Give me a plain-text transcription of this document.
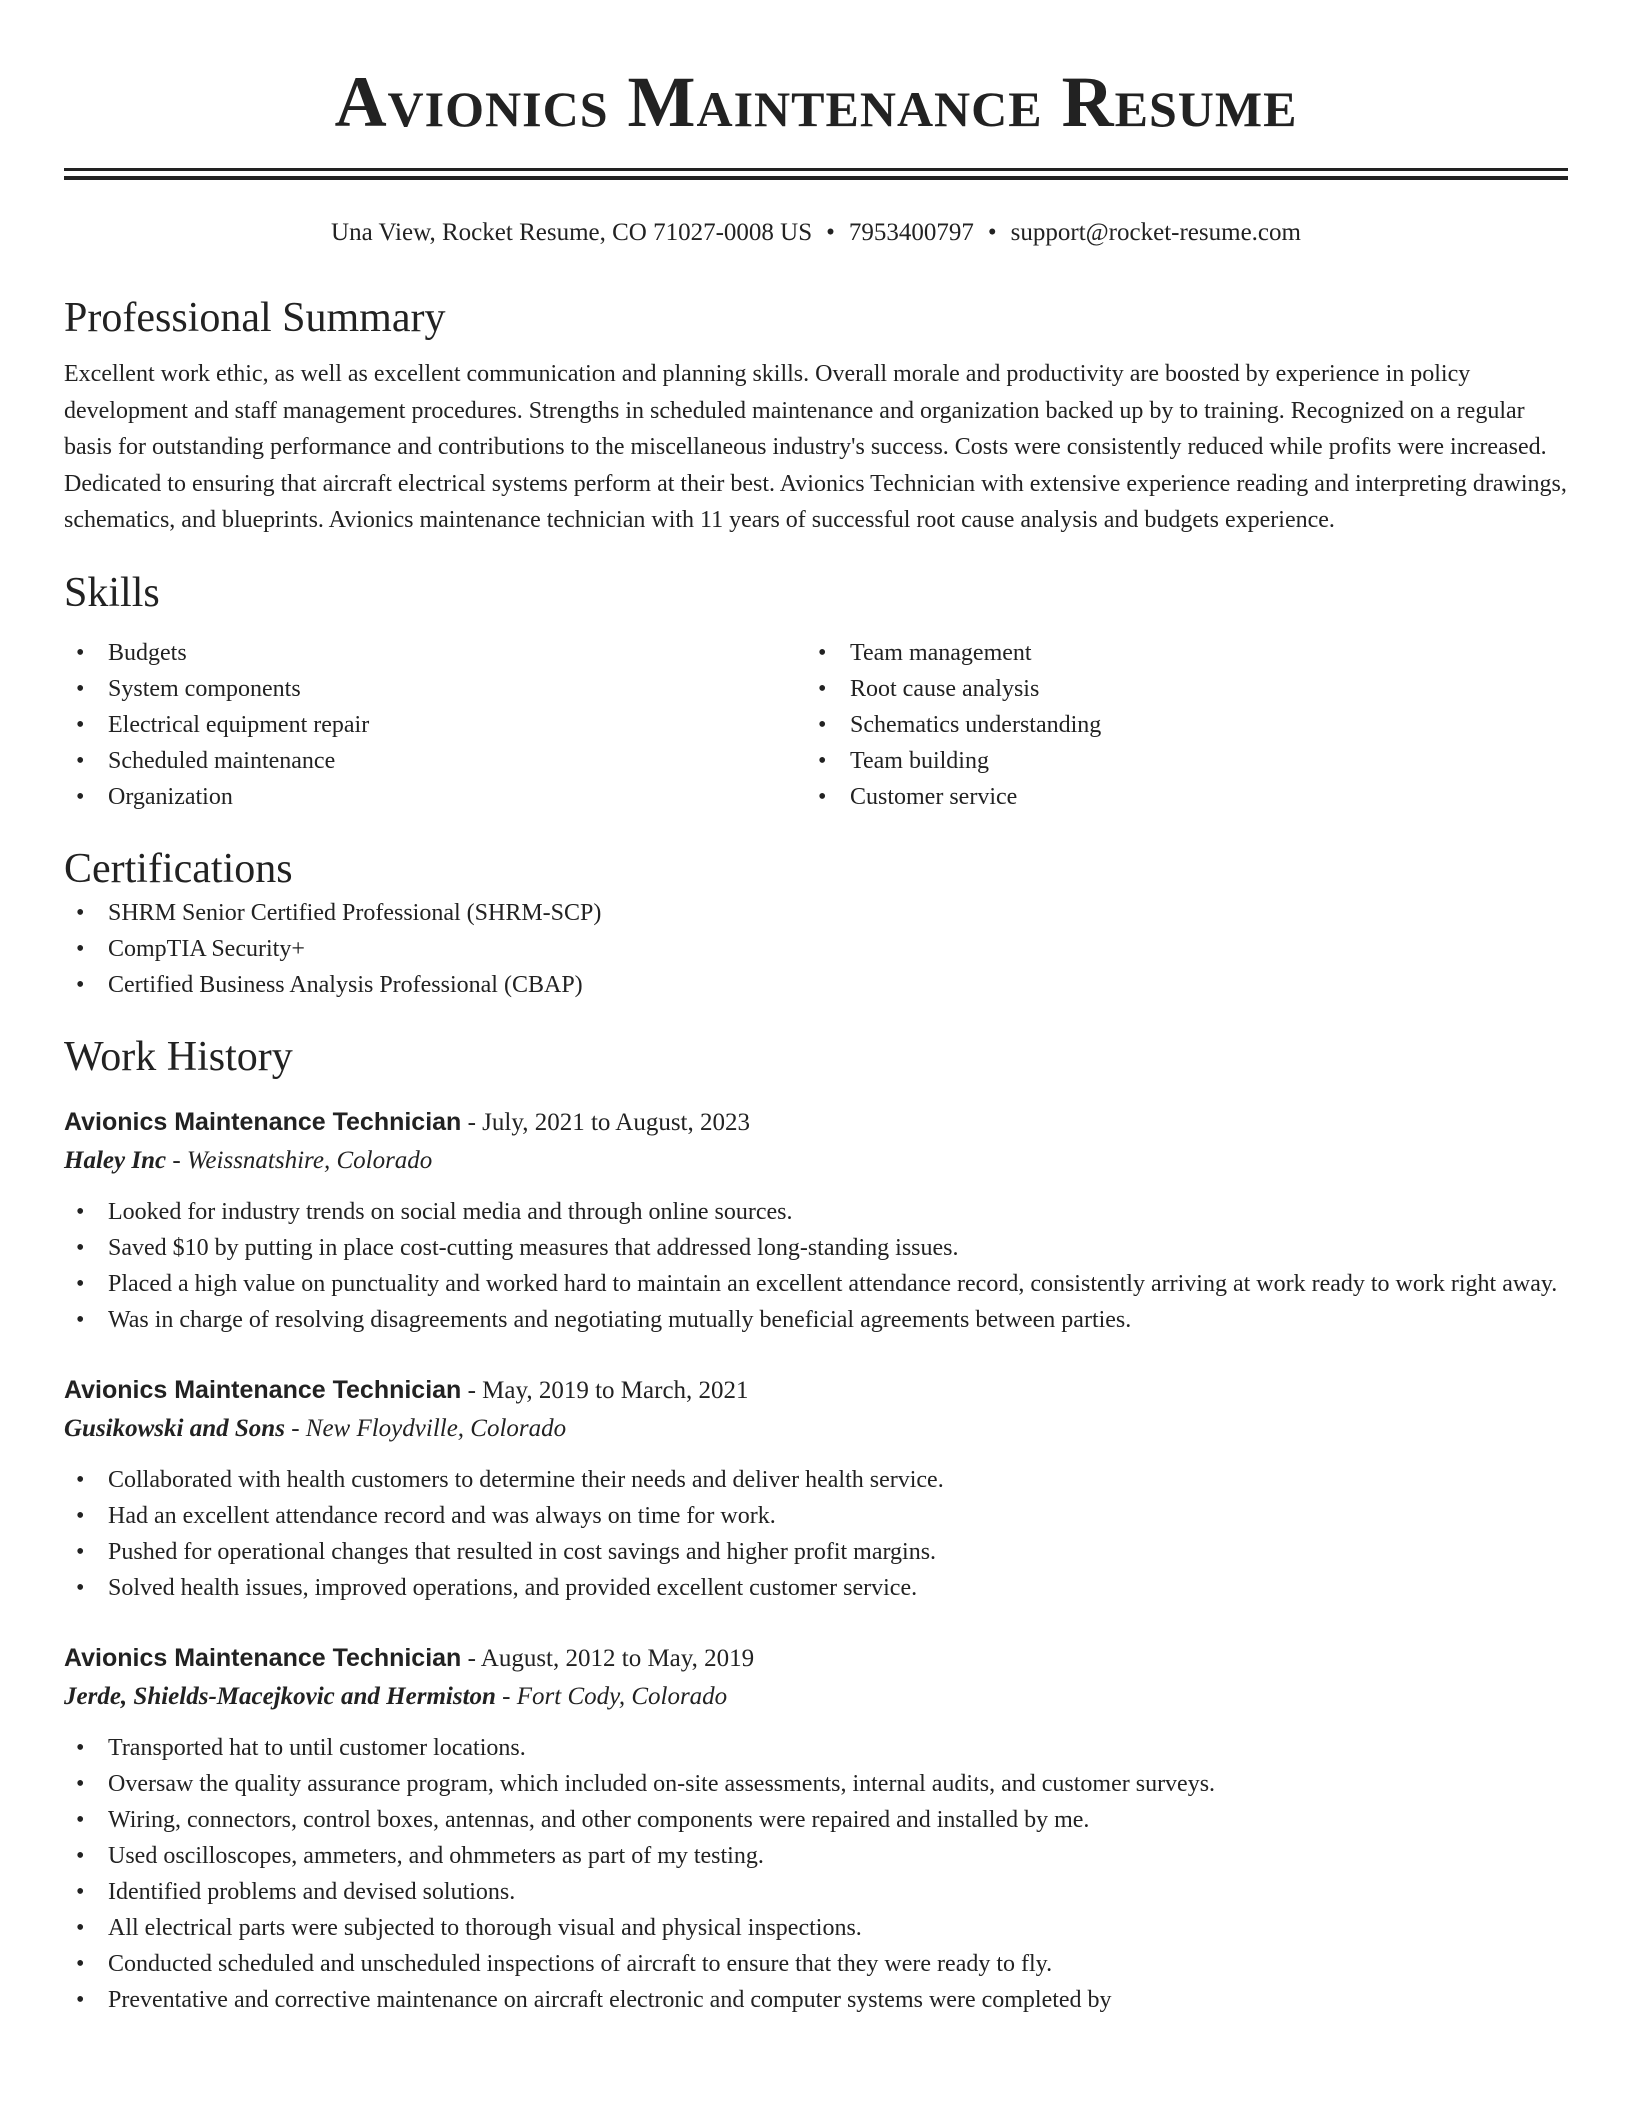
Avionics Maintenance Resume
Una View, Rocket Resume, CO 71027-0008 US • 7953400797 • support@rocket-resume.com
Professional Summary
Excellent work ethic, as well as excellent communication and planning skills. Overall morale and productivity are boosted by experience in policy development and staff management procedures. Strengths in scheduled maintenance and organization backed up by to training. Recognized on a regular basis for outstanding performance and contributions to the miscellaneous industry's success. Costs were consistently reduced while profits were increased. Dedicated to ensuring that aircraft electrical systems perform at their best. Avionics Technician with extensive experience reading and interpreting drawings, schematics, and blueprints. Avionics maintenance technician with 11 years of successful root cause analysis and budgets experience.
Skills
• Budgets
• System components
• Electrical equipment repair
• Scheduled maintenance
• Organization
• Team management
• Root cause analysis
• Schematics understanding
• Team building
• Customer service
Certifications
• SHRM Senior Certified Professional (SHRM-SCP)
• CompTIA Security+
• Certified Business Analysis Professional (CBAP)
Work History
Avionics Maintenance Technician - July, 2021 to August, 2023
Haley Inc - Weissnatshire, Colorado
• Looked for industry trends on social media and through online sources.
• Saved $10 by putting in place cost-cutting measures that addressed long-standing issues.
• Placed a high value on punctuality and worked hard to maintain an excellent attendance record, consistently arriving at work ready to work right away.
• Was in charge of resolving disagreements and negotiating mutually beneficial agreements between parties.
Avionics Maintenance Technician - May, 2019 to March, 2021
Gusikowski and Sons - New Floydville, Colorado
• Collaborated with health customers to determine their needs and deliver health service.
• Had an excellent attendance record and was always on time for work.
• Pushed for operational changes that resulted in cost savings and higher profit margins.
• Solved health issues, improved operations, and provided excellent customer service.
Avionics Maintenance Technician - August, 2012 to May, 2019
Jerde, Shields-Macejkovic and Hermiston - Fort Cody, Colorado
• Transported hat to until customer locations.
• Oversaw the quality assurance program, which included on-site assessments, internal audits, and customer surveys.
• Wiring, connectors, control boxes, antennas, and other components were repaired and installed by me.
• Used oscilloscopes, ammeters, and ohmmeters as part of my testing.
• Identified problems and devised solutions.
• All electrical parts were subjected to thorough visual and physical inspections.
• Conducted scheduled and unscheduled inspections of aircraft to ensure that they were ready to fly.
• Preventative and corrective maintenance on aircraft electronic and computer systems were completed by
